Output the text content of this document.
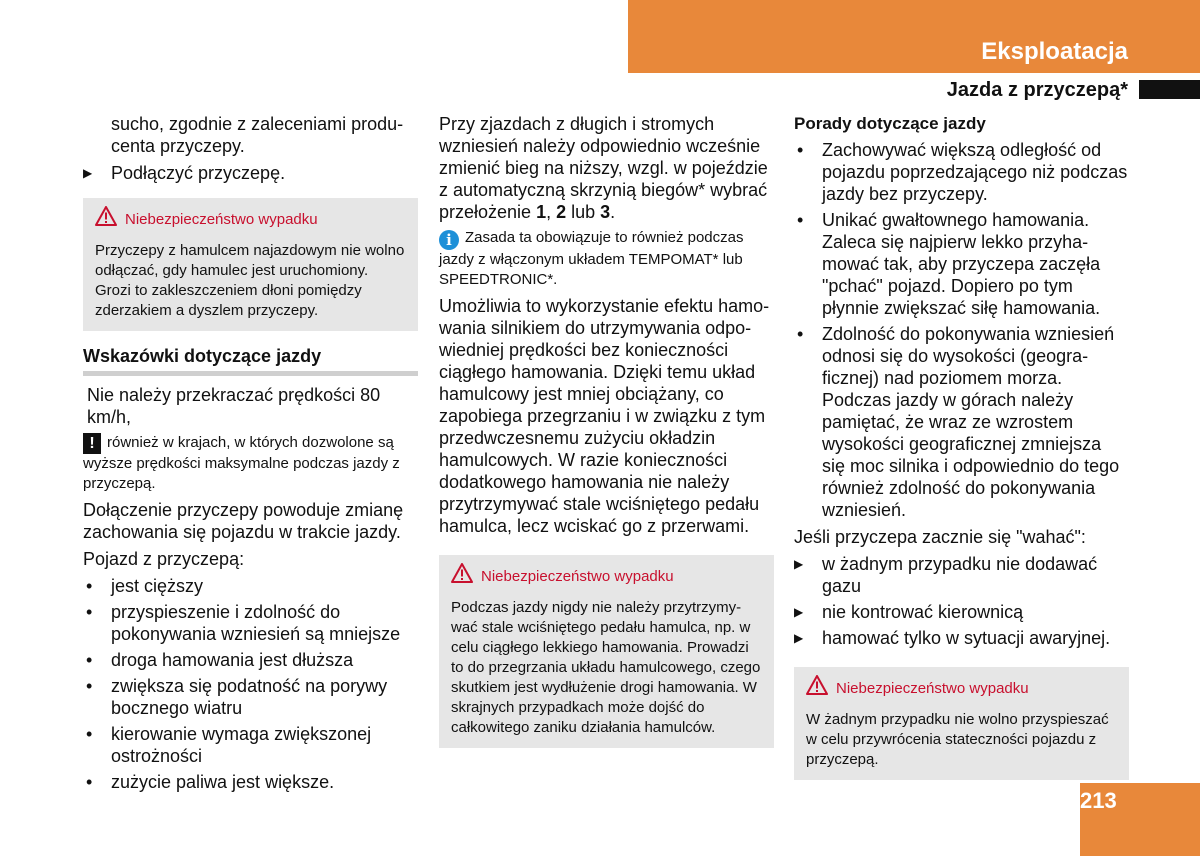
Eksploatacja
Jazda z przyczepą*

sucho, zgodnie z zaleceniami producenta przyczepy.

▶ Podłączyć przyczepę.
Niebezpieczeństwo wypadku
Przyczepy z hamulcem najazdowym nie wolno odłączać, gdy hamulec jest uruchomiony. Grozi to zakleszczeniem dłoni pomiędzy zderzakiem a dyszlem przyczepy.
Wskazówki dotyczące jazdy

Nie należy przekraczać prędkości 80 km/h,

! również w krajach, w których dozwolone są wyższe prędkości maksymalne podczas jazdy z przyczepą.

Dołączenie przyczepy powoduje zmianę zachowania się pojazdu w trakcie jazdy.

Pojazd z przyczepą:

• jest cięższy
• przyspieszenie i zdolność do pokonywania wzniesień są mniejsze
• droga hamowania jest dłuższa
• zwiększa się podatność na porywy bocznego wiatru
• kierowanie wymaga zwiększonej ostrożności
• zużycie paliwa jest większe.

Przy zjazdach z długich i stromych wzniesień należy odpowiednio wcześnie zmienić bieg na niższy, wzgl. w pojeździe z automatyczną skrzynią biegów* wybrać przełożenie 1, 2 lub 3.

i Zasada ta obowiązuje to również podczas jazdy z włączonym układem TEMPOMAT* lub SPEEDTRONIC*.

Umożliwia to wykorzystanie efektu hamowania silnikiem do utrzymywania odpowiedniej prędkości bez konieczności ciągłego hamowania. Dzięki temu układ hamulcowy jest mniej obciążany, co zapobiega przegrzaniu i w związku z tym przedwczesnemu zużyciu okładzin hamulcowych. W razie konieczności dodatkowego hamowania nie należy przytrzymywać stale wciśniętego pedału hamulca, lecz wciskać go z przerwami.

Niebezpieczeństwo wypadku
Podczas jazdy nigdy nie należy przytrzymywać stale wciśniętego pedału hamulca, np. w celu ciągłego lekkiego hamowania. Prowadzi to do przegrzania układu hamulcowego, czego skutkiem jest wydłużenie drogi hamowania. W skrajnych przypadkach może dojść do całkowitego zaniku działania hamulców.
Porady dotyczące jazdy
• Zachowywać większą odległość od pojazdu poprzedzającego niż podczas jazdy bez przyczepy.
• Unikać gwałtownego hamowania. Zaleca się najpierw lekko przyhamować tak, aby przyczepa zaczęła "pchać" pojazd. Dopiero po tym płynnie zwiększać siłę hamowania.
• Zdolność do pokonywania wzniesień odnosi się do wysokości (geograficznej) nad poziomem morza. Podczas jazdy w górach należy pamiętać, że wraz ze wzrostem wysokości geograficznej zmniejsza się moc silnika i odpowiednio do tego również zdolność do pokonywania wzniesień.

Jeśli przyczepa zacznie się "wahać":

▶ w żadnym przypadku nie dodawać gazu
▶ nie kontrować kierownicą
▶ hamować tylko w sytuacji awaryjnej.
Niebezpieczeństwo wypadku
W żadnym przypadku nie wolno przyspieszać w celu przywrócenia stateczności pojazdu z przyczepą.
213
